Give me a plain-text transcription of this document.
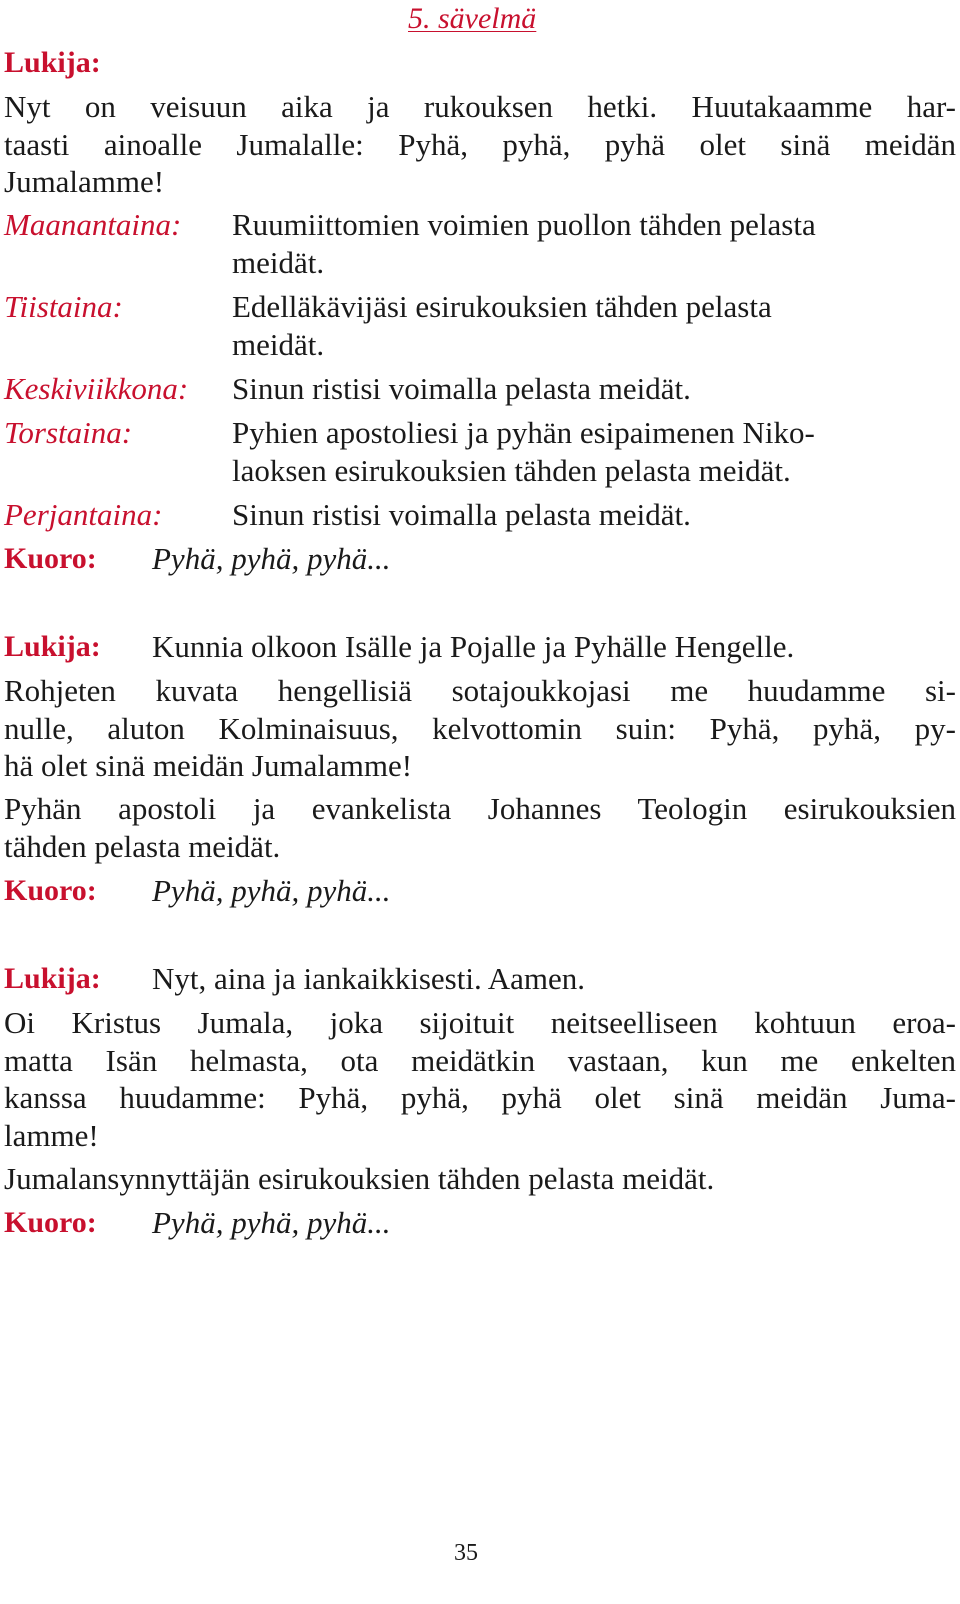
5. sävelmä
Lukija:
Nyt on veisuun aika ja rukouksen hetki. Huutakaamme har-
taasti ainoalle Jumalalle: Pyhä, pyhä, pyhä olet sinä meidän
Jumalamme!
Maanantaina: Ruumiittomien voimien puollon tähden pelasta
meidät.
Tiistaina:	Edelläkävijäsi esirukouksien tähden pelasta
meidät.
Keskiviikkona: Sinun ristisi voimalla pelasta meidät.
Torstaina:	Pyhien apostoliesi ja pyhän esipaimenen Niko-
laoksen esirukouksien tähden pelasta meidät.
Perjantaina: Sinun ristisi voimalla pelasta meidät.
Kuoro: Pyhä, pyhä, pyhä...
Lukija: Kunnia olkoon Isälle ja Pojalle ja Pyhälle Hengelle.
Rohjeten kuvata hengellisiä sotajoukkojasi me huudamme si-
nulle, aluton Kolminaisuus, kelvottomin suin: Pyhä, pyhä, py-
hä olet sinä meidän Jumalamme!
Pyhän apostoli ja evankelista Johannes Teologin esirukouksien
tähden pelasta meidät.
Kuoro: Pyhä, pyhä, pyhä...
Lukija: Nyt, aina ja iankaikkisesti. Aamen.
Oi Kristus Jumala, joka sijoituit neitseelliseen kohtuun eroa-
matta Isän helmasta, ota meidätkin vastaan, kun me enkelten
kanssa huudamme: Pyhä, pyhä, pyhä olet sinä meidän Juma-
lamme!
Jumalansynnyttäjän esirukouksien tähden pelasta meidät.
Kuoro: Pyhä, pyhä, pyhä...
35
